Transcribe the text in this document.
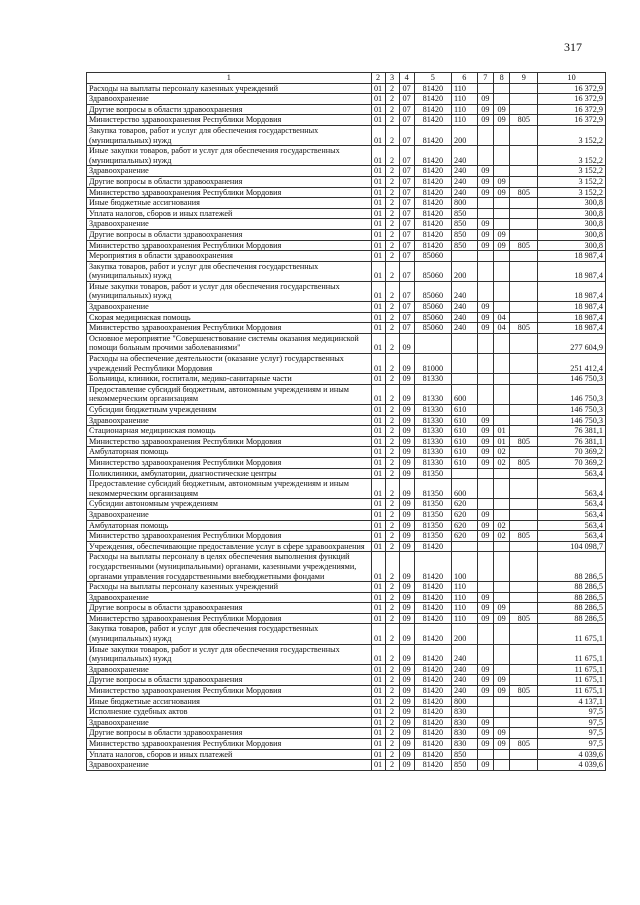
317
1	2	3	4	5	6	7	8	9	10
Расходы на выплаты персоналу казенных учреждений	01	2	07	81420	110				16 372,9
Здравоохранение	01	2	07	81420	110	09			16 372,9
Другие вопросы в области здравоохранения	01	2	07	81420	110	09	09		16 372,9
Министерство здравоохранения Республики Мордовия	01	2	07	81420	110	09	09	805	16 372,9
Закупка товаров, работ и услуг для обеспечения государственных (муниципальных) нужд	01	2	07	81420	200				3 152,2
Иные закупки товаров, работ и услуг для обеспечения государственных (муниципальных) нужд	01	2	07	81420	240				3 152,2
Здравоохранение	01	2	07	81420	240	09			3 152,2
Другие вопросы в области здравоохранения	01	2	07	81420	240	09	09		3 152,2
Министерство здравоохранения Республики Мордовия	01	2	07	81420	240	09	09	805	3 152,2
Иные бюджетные ассигнования	01	2	07	81420	800				300,8
Уплата налогов, сборов и иных платежей	01	2	07	81420	850				300,8
Здравоохранение	01	2	07	81420	850	09			300,8
Другие вопросы в области здравоохранения	01	2	07	81420	850	09	09		300,8
Министерство здравоохранения Республики Мордовия	01	2	07	81420	850	09	09	805	300,8
Мероприятия в области здравоохранения	01	2	07	85060					18 987,4
Закупка товаров, работ и услуг для обеспечения государственных (муниципальных) нужд	01	2	07	85060	200				18 987,4
Иные закупки товаров, работ и услуг для обеспечения государственных (муниципальных) нужд	01	2	07	85060	240				18 987,4
Здравоохранение	01	2	07	85060	240	09			18 987,4
Скорая медицинская помощь	01	2	07	85060	240	09	04		18 987,4
Министерство здравоохранения Республики Мордовия	01	2	07	85060	240	09	04	805	18 987,4
Основное мероприятие "Совершенствование системы оказания медицинской помощи больным прочими заболеваниями"	01	2	09						277 604,9
Расходы на обеспечение деятельности (оказание услуг) государственных учреждений Республики Мордовия	01	2	09	81000					251 412,4
Больницы, клиники, госпитали, медико-санитарные части	01	2	09	81330					146 750,3
Предоставление субсидий бюджетным, автономным учреждениям и иным некоммерческим организациям	01	2	09	81330	600				146 750,3
Субсидии бюджетным учреждениям	01	2	09	81330	610				146 750,3
Здравоохранение	01	2	09	81330	610	09			146 750,3
Стационарная медицинская помощь	01	2	09	81330	610	09	01		76 381,1
Министерство здравоохранения Республики Мордовия	01	2	09	81330	610	09	01	805	76 381,1
Амбулаторная помощь	01	2	09	81330	610	09	02		70 369,2
Министерство здравоохранения Республики Мордовия	01	2	09	81330	610	09	02	805	70 369,2
Поликлиники, амбулатории, диагностические центры	01	2	09	81350					563,4
Предоставление субсидий бюджетным, автономным учреждениям и иным некоммерческим организациям	01	2	09	81350	600				563,4
Субсидии автономным учреждениям	01	2	09	81350	620				563,4
Здравоохранение	01	2	09	81350	620	09			563,4
Амбулаторная помощь	01	2	09	81350	620	09	02		563,4
Министерство здравоохранения Республики Мордовия	01	2	09	81350	620	09	02	805	563,4
Учреждения, обеспечивающие предоставление услуг в сфере здравоохранения	01	2	09	81420					104 098,7
Расходы на выплаты персоналу в целях обеспечения выполнения функций государственными (муниципальными) органами, казенными учреждениями, органами управления государственными внебюджетными фондами	01	2	09	81420	100				88 286,5
Расходы на выплаты персоналу казенных учреждений	01	2	09	81420	110				88 286,5
Здравоохранение	01	2	09	81420	110	09			88 286,5
Другие вопросы в области здравоохранения	01	2	09	81420	110	09	09		88 286,5
Министерство здравоохранения Республики Мордовия	01	2	09	81420	110	09	09	805	88 286,5
Закупка товаров, работ и услуг для обеспечения государственных (муниципальных) нужд	01	2	09	81420	200				11 675,1
Иные закупки товаров, работ и услуг для обеспечения государственных (муниципальных) нужд	01	2	09	81420	240				11 675,1
Здравоохранение	01	2	09	81420	240	09			11 675,1
Другие вопросы в области здравоохранения	01	2	09	81420	240	09	09		11 675,1
Министерство здравоохранения Республики Мордовия	01	2	09	81420	240	09	09	805	11 675,1
Иные бюджетные ассигнования	01	2	09	81420	800				4 137,1
Исполнение судебных актов	01	2	09	81420	830				97,5
Здравоохранение	01	2	09	81420	830	09			97,5
Другие вопросы в области здравоохранения	01	2	09	81420	830	09	09		97,5
Министерство здравоохранения Республики Мордовия	01	2	09	81420	830	09	09	805	97,5
Уплата налогов, сборов и иных платежей	01	2	09	81420	850				4 039,6
Здравоохранение	01	2	09	81420	850	09			4 039,6
